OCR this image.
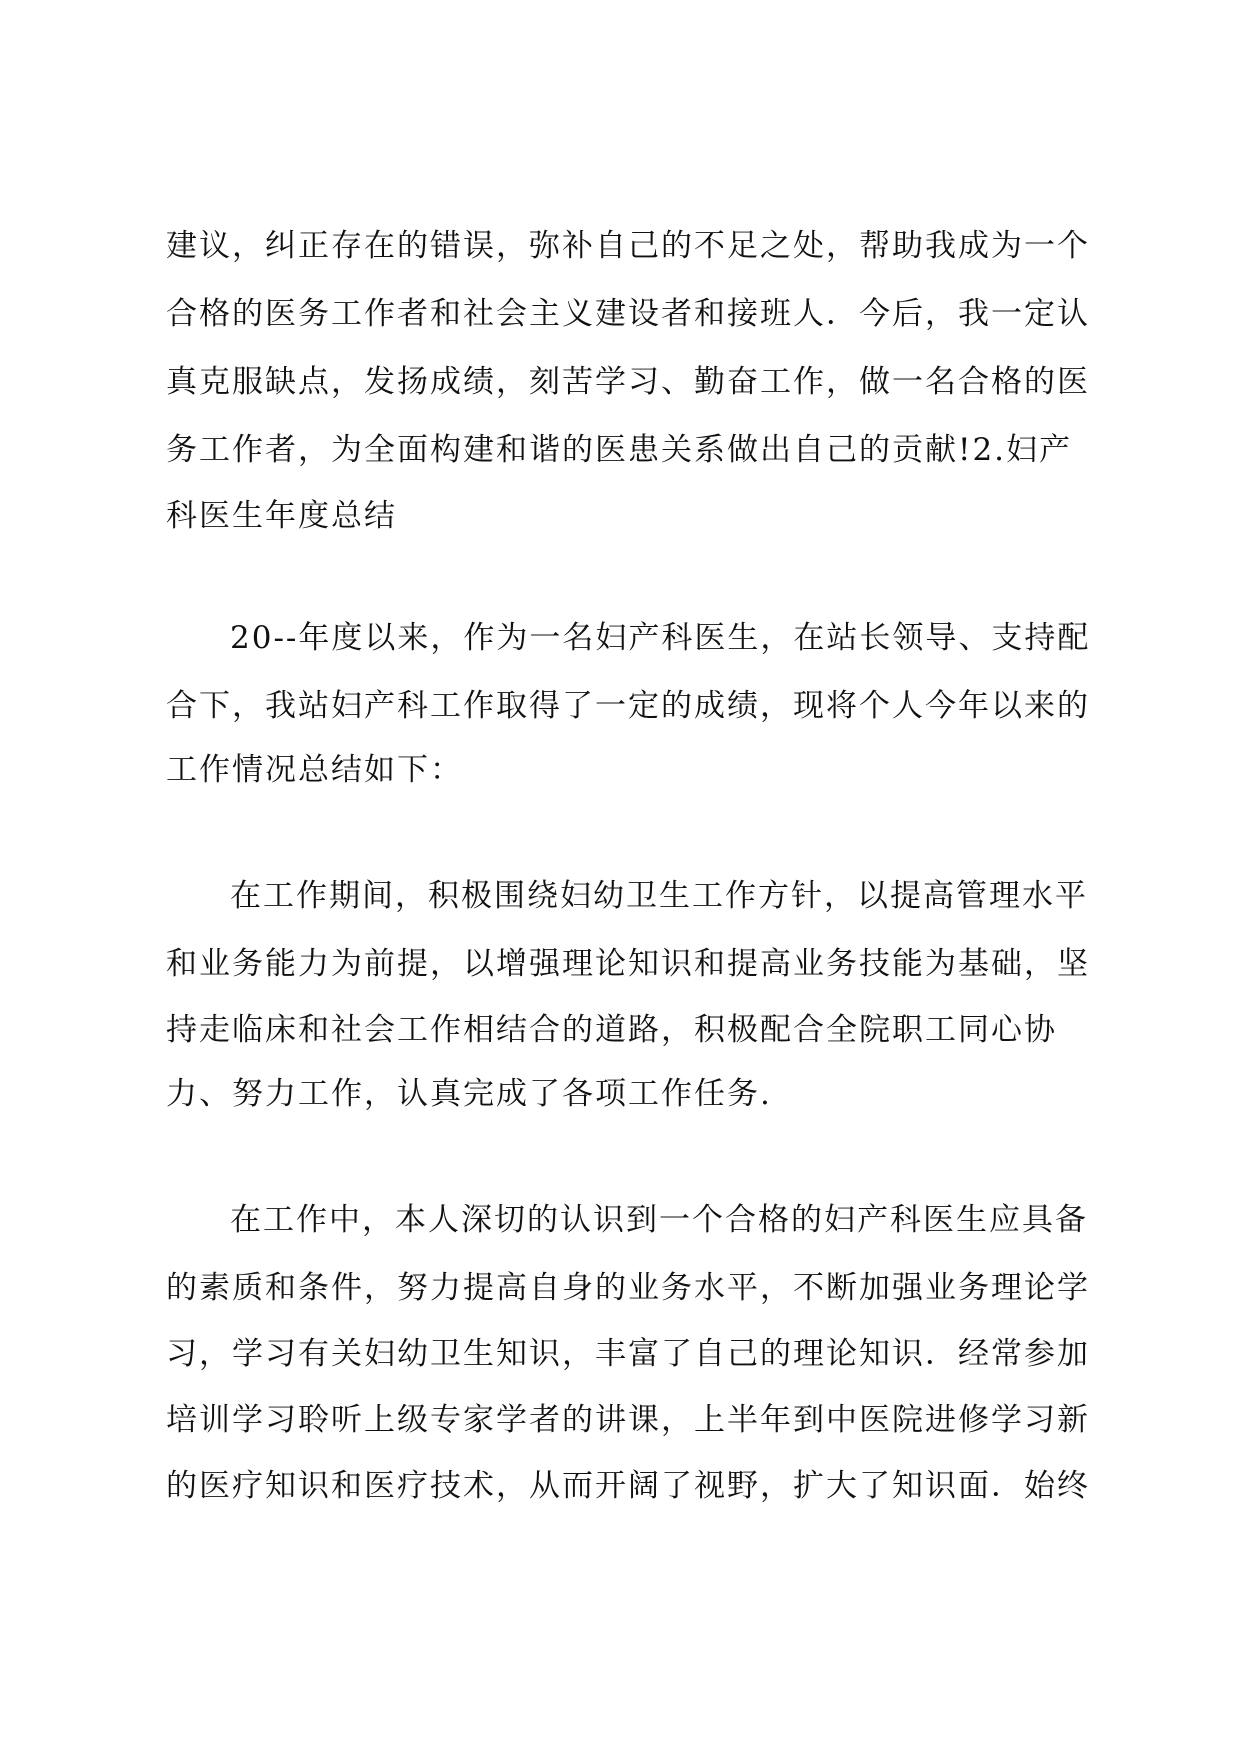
建议，纠正存在的错误，弥补自己的不足之处，帮助我成为一个
合格的医务工作者和社会主义建设者和接班人．今后，我一定认
真克服缺点，发扬成绩，刻苦学习、勤奋工作，做一名合格的医
务工作者，为全面构建和谐的医患关系做出自己的贡献!2.妇产
科医生年度总结
20--年度以来，作为一名妇产科医生，在站长领导、支持配
合下，我站妇产科工作取得了一定的成绩，现将个人今年以来的
工作情况总结如下：
在工作期间，积极围绕妇幼卫生工作方针，以提高管理水平
和业务能力为前提，以增强理论知识和提高业务技能为基础，坚
持走临床和社会工作相结合的道路，积极配合全院职工同心协
力、努力工作，认真完成了各项工作任务.
在工作中，本人深切的认识到一个合格的妇产科医生应具备
的素质和条件，努力提高自身的业务水平，不断加强业务理论学
习，学习有关妇幼卫生知识，丰富了自己的理论知识．经常参加
培训学习聆听上级专家学者的讲课，上半年到中医院进修学习新
的医疗知识和医疗技术，从而开阔了视野，扩大了知识面．始终
